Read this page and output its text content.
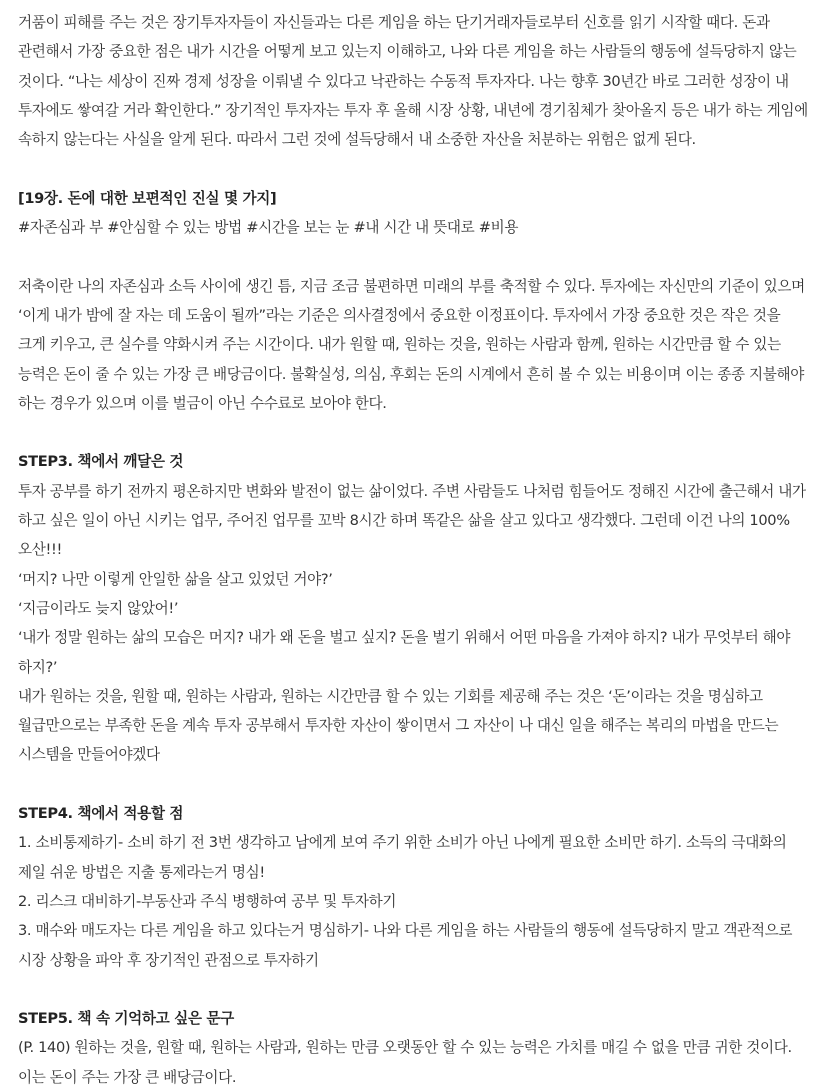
거품이 피해를 주는 것은 장기투자자들이 자신들과는 다른 게임을 하는 단기거래자들로부터 신호를 읽기 시작할 때다. 돈과 관련해서 가장 중요한 점은 내가 시간을 어떻게 보고 있는지 이해하고, 나와 다른 게임을 하는 사람들의 행동에 설득당하지 않는 것이다. “나는 세상이 진짜 경제 성장을 이뤄낼 수 있다고 낙관하는 수동적 투자자다. 나는 향후 30년간 바로 그러한 성장이 내 투자에도 쌓여갈 거라 확인한다.” 장기적인 투자자는 투자 후 올해 시장 상황, 내년에 경기침체가 찾아올지 등은 내가 하는 게임에 속하지 않는다는 사실을 알게 된다. 따라서 그런 것에 설득당해서 내 소중한 자산을 처분하는 위험은 없게 된다.

[19장. 돈에 대한 보편적인 진실 몇 가지]

#자존심과 부 #안심할 수 있는 방법 #시간을 보는 눈 #내 시간 내 뜻대로 #비용

저축이란 나의 자존심과 소득 사이에 생긴 틈, 지금 조금 불편하면 미래의 부를 축적할 수 있다. 투자에는 자신만의 기준이 있으며 ‘이게 내가 밤에 잘 자는 데 도움이 될까”라는 기준은 의사결정에서 중요한 이정표이다. 투자에서 가장 중요한 것은 작은 것을 크게 키우고, 큰 실수를 약화시켜 주는 시간이다. 내가 원할 때, 원하는 것을, 원하는 사람과 함께, 원하는 시간만큼 할 수 있는 능력은 돈이 줄 수 있는 가장 큰 배당금이다. 불확실성, 의심, 후회는 돈의 시계에서 흔히 볼 수 있는 비용이며 이는 종종 지불해야 하는 경우가 있으며 이를 벌금이 아닌 수수료로 보아야 한다.

STEP3. 책에서 깨달은 것

투자 공부를 하기 전까지 평온하지만 변화와 발전이 없는 삶이었다. 주변 사람들도 나처럼 힘들어도 정해진 시간에 출근해서 내가 하고 싶은 일이 아닌 시키는 업무, 주어진 업무를 꼬박 8시간 하며 똑같은 삶을 살고 있다고 생각했다. 그런데 이건 나의 100% 오산!!!

‘머지? 나만 이렇게 안일한 삶을 살고 있었던 거야?’

‘지금이라도 늦지 않았어!’

‘내가 정말 원하는 삶의 모습은 머지? 내가 왜 돈을 벌고 싶지? 돈을 벌기 위해서 어떤 마음을 가져야 하지? 내가 무엇부터 해야 하지?’

내가 원하는 것을, 원할 때, 원하는 사람과, 원하는 시간만큼 할 수 있는 기회를 제공해 주는 것은 ‘돈’이라는 것을 명심하고 월급만으로는 부족한 돈을 계속 투자 공부해서 투자한 자산이 쌓이면서 그 자산이 나 대신 일을 해주는 복리의 마법을 만드는 시스템을 만들어야겠다

STEP4. 책에서 적용할 점

1. 소비통제하기- 소비 하기 전 3번 생각하고 남에게 보여 주기 위한 소비가 아닌 나에게 필요한 소비만 하기. 소득의 극대화의 제일 쉬운 방법은 지출 통제라는거 명심!

2. 리스크 대비하기-부동산과 주식 병행하여 공부 및 투자하기

3. 매수와 매도자는 다른 게임을 하고 있다는거 명심하기- 나와 다른 게임을 하는 사람들의 행동에 설득당하지 말고 객관적으로 시장 상황을 파악 후 장기적인 관점으로 투자하기

STEP5. 책 속 기억하고 싶은 문구

(P. 140) 원하는 것을, 원할 때, 원하는 사람과, 원하는 만큼 오랫동안 할 수 있는 능력은 가치를 매길 수 없을 만큼 귀한 것이다. 이는 돈이 주는 가장 큰 배당금이다.
